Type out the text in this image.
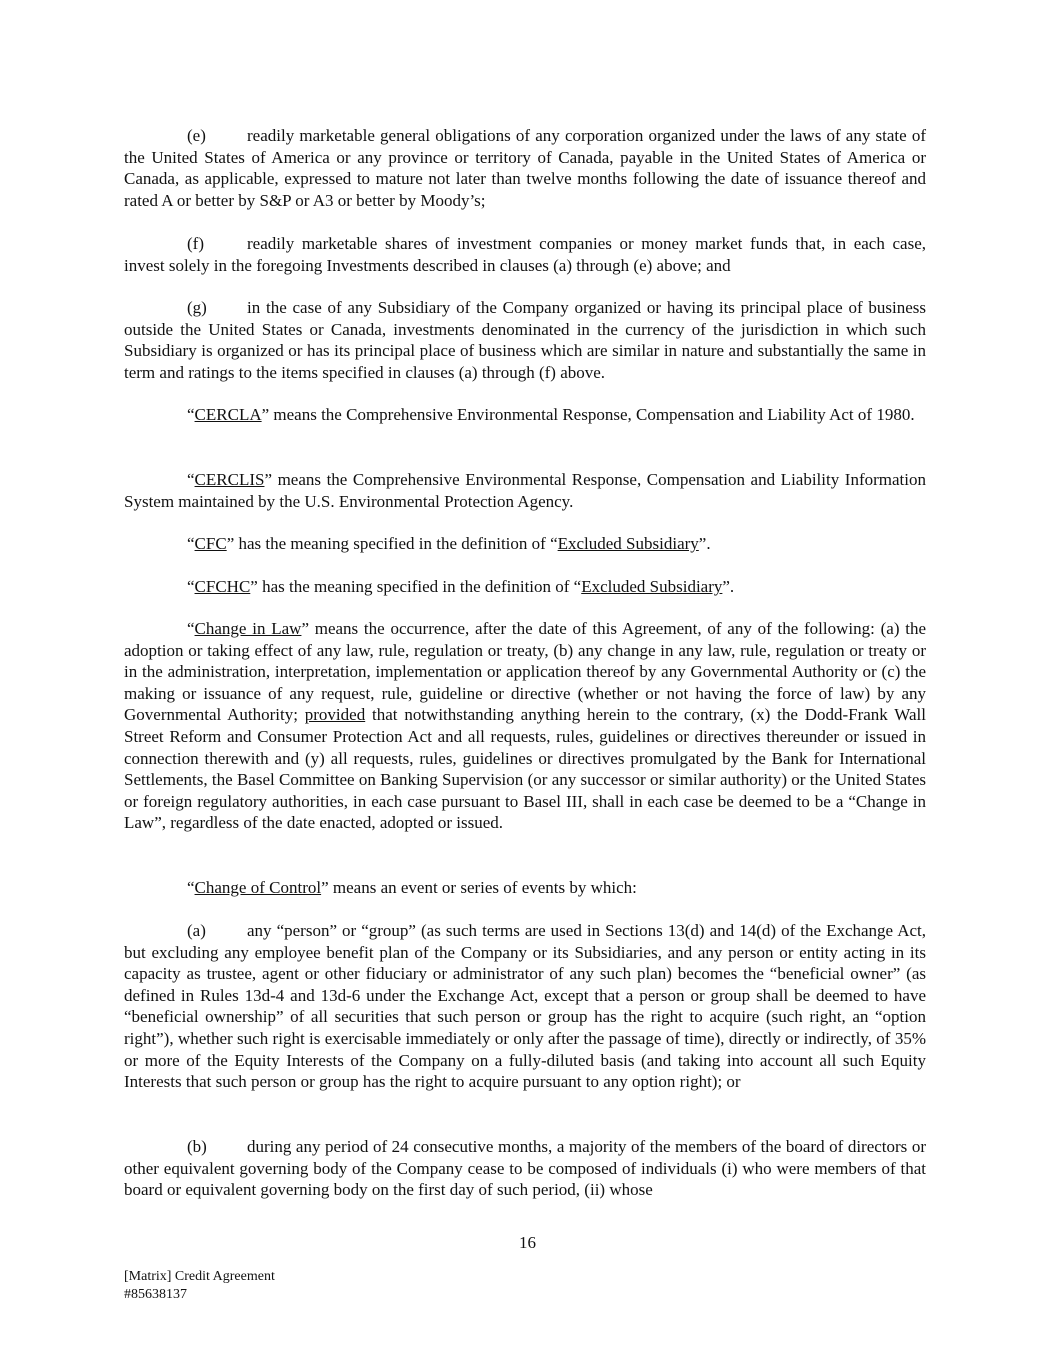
(e) readily marketable general obligations of any corporation organized under the laws of any state of the United States of America or any province or territory of Canada, payable in the United States of America or Canada, as applicable, expressed to mature not later than twelve months following the date of issuance thereof and rated A or better by S&P or A3 or better by Moody’s;

(f)	readily marketable shares of investment companies or money market funds that, in each case, invest solely in the foregoing Investments described in clauses (a) through (e) above; and

(g) in the case of any Subsidiary of the Company organized or having its principal place of business outside the United States or Canada, investments denominated in the currency of the jurisdiction in which such Subsidiary is organized or has its principal place of business which are similar in nature and substantially the same in term and ratings to the items specified in clauses (a) through (f) above.

“CERCLA” means the Comprehensive Environmental Response, Compensation and Liability Act of 1980.

“CERCLIS” means the Comprehensive Environmental Response, Compensation and Liability Information System maintained by the U.S. Environmental Protection Agency.

“CFC” has the meaning specified in the definition of “Excluded Subsidiary”.

“CFCHC” has the meaning specified in the definition of “Excluded Subsidiary”.

“Change in Law” means the occurrence, after the date of this Agreement, of any of the following: (a) the adoption or taking effect of any law, rule, regulation or treaty, (b) any change in any law, rule, regulation or treaty or in the administration, interpretation, implementation or application thereof by any Governmental Authority or (c) the making or issuance of any request, rule, guideline or directive (whether or not having the force of law) by any Governmental Authority; provided that notwithstanding anything herein to the contrary, (x) the Dodd-Frank Wall Street Reform and Consumer Protection Act and all requests, rules, guidelines or directives thereunder or issued in connection therewith and (y) all requests, rules, guidelines or directives promulgated by the Bank for International Settlements, the Basel Committee on Banking Supervision (or any successor or similar authority) or the United States or foreign regulatory authorities, in each case pursuant to Basel III, shall in each case be deemed to be a “Change in Law”, regardless of the date enacted, adopted or issued.

“Change of Control” means an event or series of events by which:

(a) any “person” or “group” (as such terms are used in Sections 13(d) and 14(d) of the Exchange Act, but excluding any employee benefit plan of the Company or its Subsidiaries, and any person or entity acting in its capacity as trustee, agent or other fiduciary or administrator of any such plan) becomes the “beneficial owner” (as defined in Rules 13d-4 and 13d-6 under the Exchange Act, except that a person or group shall be deemed to have “beneficial ownership” of all securities that such person or group has the right to acquire (such right, an “option right”), whether such right is exercisable immediately or only after the passage of time), directly or indirectly, of 35% or more of the Equity Interests of the Company on a fully-diluted basis (and taking into account all such Equity Interests that such person or group has the right to acquire pursuant to any option right); or

(b) during any period of 24 consecutive months, a majority of the members of the board of directors or other equivalent governing body of the Company cease to be composed of individuals (i) who were members of that board or equivalent governing body on the first day of such period, (ii) whose

16

[Matrix] Credit Agreement
#85638137
